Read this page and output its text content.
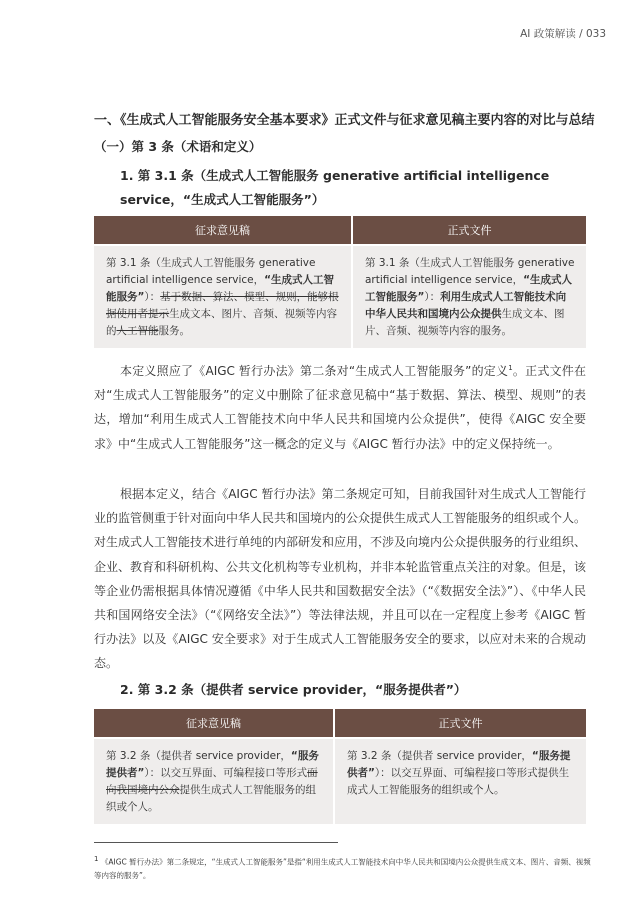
AI 政策解读 / 033
一、《生成式人工智能服务安全基本要求》正式文件与征求意见稿主要内容的对比与总结
（一）第 3 条（术语和定义）
1. 第 3.1 条（生成式人工智能服务 generative artificial intelligence service，“生成式人工智能服务”）
征求意见稿	正式文件
第 3.1 条（生成式人工智能服务 generative artificial intelligence service，“生成式人工智能服务”）：基于数据、算法、模型、规则，能够根据使用者提示生成文本、图片、音频、视频等内容的人工智能服务。	第 3.1 条（生成式人工智能服务 generative artificial intelligence service，“生成式人工智能服务”）：利用生成式人工智能技术向中华人民共和国境内公众提供生成文本、图片、音频、视频等内容的服务。
本定义照应了《AIGC 暂行办法》第二条对“生成式人工智能服务”的定义$^1$。正式文件在对“生成式人工智能服务”的定义中删除了征求意见稿中“基于数据、算法、模型、规则”的表达，增加“利用生成式人工智能技术向中华人民共和国境内公众提供”，使得《AIGC 安全要求》中“生成式人工智能服务”这一概念的定义与《AIGC 暂行办法》中的定义保持统一。
根据本定义，结合《AIGC 暂行办法》第二条规定可知，目前我国针对生成式人工智能行业的监管侧重于针对面向中华人民共和国境内的公众提供生成式人工智能服务的组织或个人。对生成式人工智能技术进行单纯的内部研发和应用，不涉及向境内公众提供服务的行业组织、企业、教育和科研机构、公共文化机构等专业机构，并非本轮监管重点关注的对象。但是，该等企业仍需根据具体情况遵循《中华人民共和国数据安全法》（“《数据安全法》”）、《中华人民共和国网络安全法》（“《网络安全法》”）等法律法规，并且可以在一定程度上参考《AIGC 暂行办法》以及《AIGC 安全要求》对于生成式人工智能服务安全的要求，以应对未来的合规动态。
2. 第 3.2 条（提供者 service provider，“服务提供者”）
征求意见稿	正式文件
第 3.2 条（提供者 service provider，“服务提供者”）：以交互界面、可编程接口等形式面向我国境内公众提供生成式人工智能服务的组织或个人。	第 3.2 条（提供者 service provider，“服务提供者”）：以交互界面、可编程接口等形式提供生成式人工智能服务的组织或个人。
$^1$ 《AIGC 暂行办法》第二条规定，“生成式人工智能服务”是指“利用生成式人工智能技术向中华人民共和国境内公众提供生成文本、图片、音频、视频等内容的服务”。
